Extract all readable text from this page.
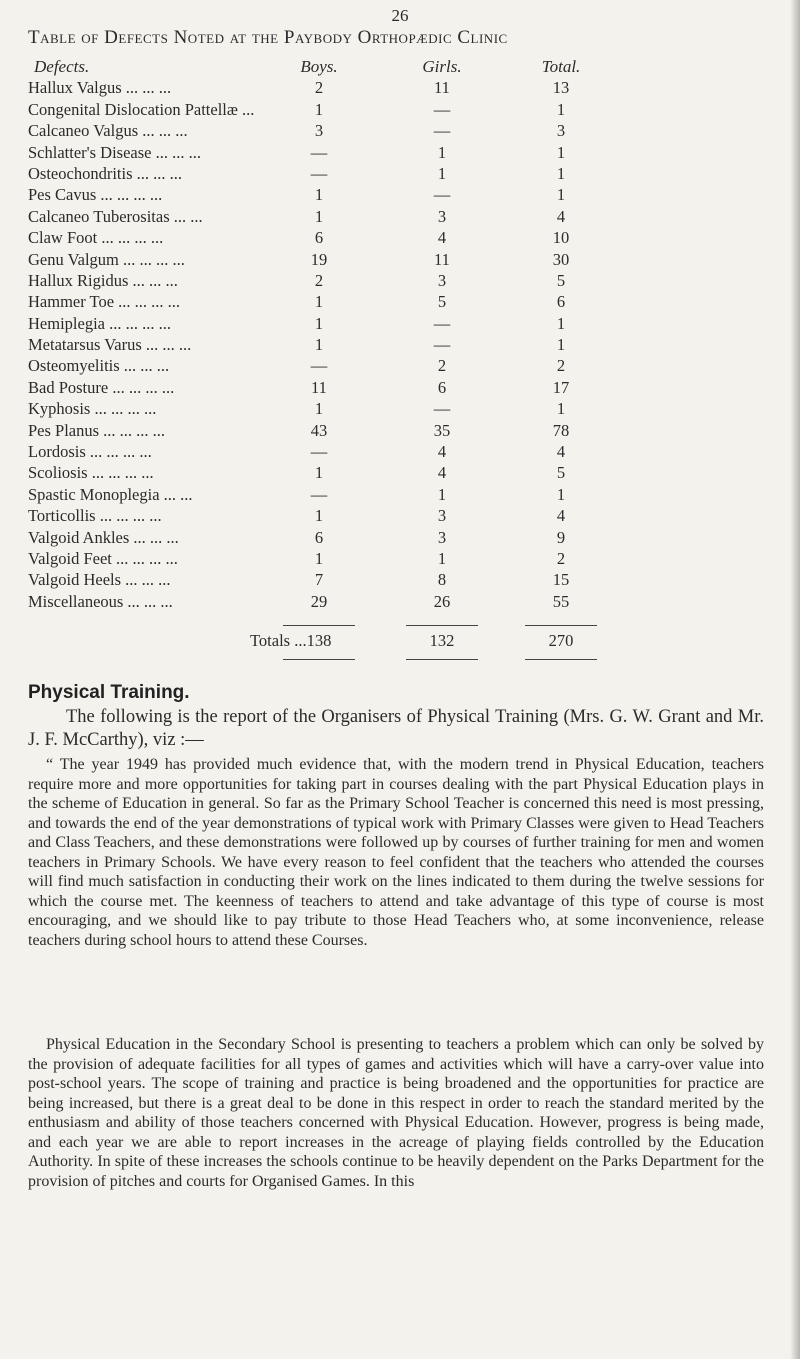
26
Table of Defects Noted at the Paybody Orthopædic Clinic
Defects.	Boys.	Girls.	Total.
Hallux Valgus ... ... ...	2	11	13
Congenital Dislocation Pattellæ ...	1	—	1
Calcaneo Valgus ... ... ...	3	—	3
Schlatter's Disease ... ... ...	—	1	1
Osteochondritis ... ... ...	—	1	1
Pes Cavus ... ... ... ...	1	—	1
Calcaneo Tuberositas ... ...	1	3	4
Claw Foot ... ... ... ...	6	4	10
Genu Valgum ... ... ... ...	19	11	30
Hallux Rigidus ... ... ...	2	3	5
Hammer Toe ... ... ... ...	1	5	6
Hemiplegia ... ... ... ...	1	—	1
Metatarsus Varus ... ... ...	1	—	1
Osteomyelitis ... ... ...	—	2	2
Bad Posture ... ... ... ...	11	6	17
Kyphosis ... ... ... ...	1	—	1
Pes Planus ... ... ... ...	43	35	78
Lordosis ... ... ... ...	—	4	4
Scoliosis ... ... ... ...	1	4	5
Spastic Monoplegia ... ...	—	1	1
Torticollis ... ... ... ...	1	3	4
Valgoid Ankles ... ... ...	6	3	9
Valgoid Feet ... ... ... ...	1	1	2
Valgoid Heels ... ... ...	7	8	15
Miscellaneous ... ... ...	29	26	55
Totals ... 138	132	270
Physical Training.
The following is the report of the Organisers of Physical Training (Mrs. G. W. Grant and Mr. J. F. McCarthy), viz :—
“ The year 1949 has provided much evidence that, with the modern trend in Physical Education, teachers require more and more opportunities for taking part in courses dealing with the part Physical Education plays in the scheme of Education in general. So far as the Primary School Teacher is concerned this need is most pressing, and towards the end of the year demonstrations of typical work with Primary Classes were given to Head Teachers and Class Teachers, and these demonstrations were followed up by courses of further training for men and women teachers in Primary Schools. We have every reason to feel confident that the teachers who attended the courses will find much satisfaction in conducting their work on the lines indicated to them during the twelve sessions for which the course met. The keenness of teachers to attend and take advantage of this type of course is most encouraging, and we should like to pay tribute to those Head Teachers who, at some inconvenience, release teachers during school hours to attend these Courses.
Physical Education in the Secondary School is presenting to teachers a problem which can only be solved by the provision of adequate facilities for all types of games and activities which will have a carry-over value into post-school years. The scope of training and practice is being broadened and the opportunities for practice are being increased, but there is a great deal to be done in this respect in order to reach the standard merited by the enthusiasm and ability of those teachers concerned with Physical Education. However, progress is being made, and each year we are able to report increases in the acreage of playing fields controlled by the Education Authority. In spite of these increases the schools continue to be heavily dependent on the Parks Department for the provision of pitches and courts for Organised Games. In this
